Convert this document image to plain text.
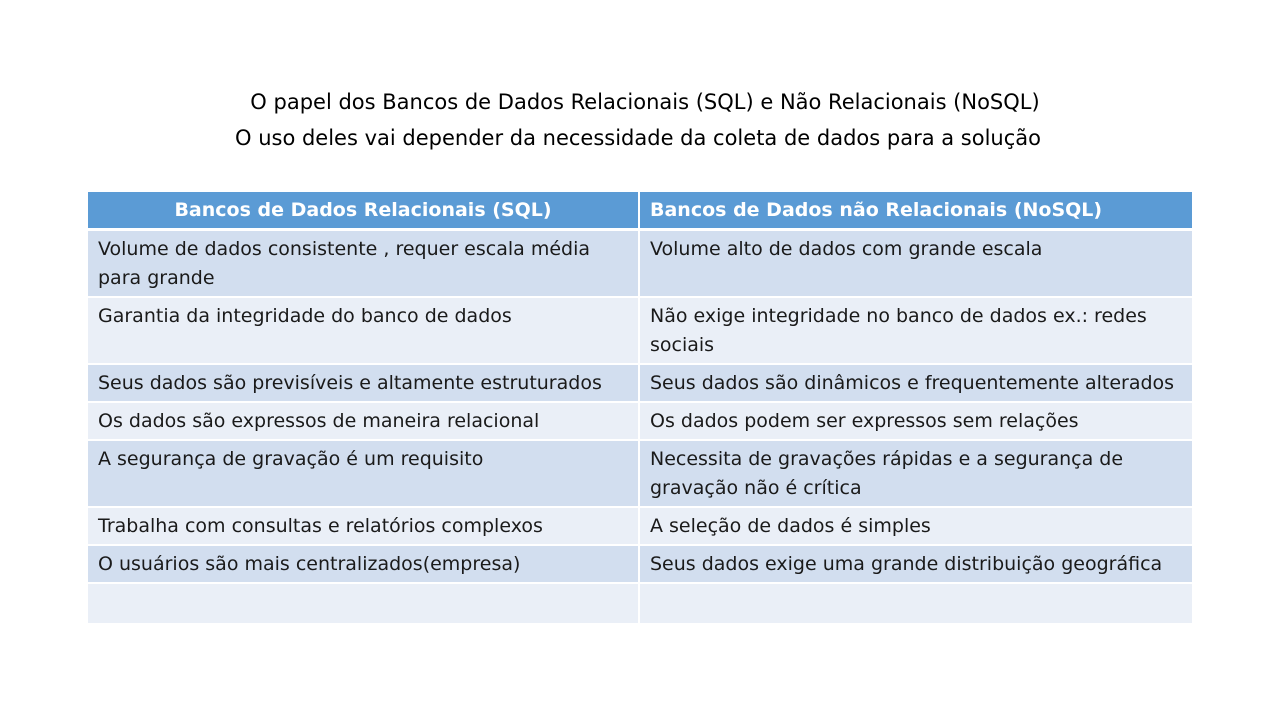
O papel dos Bancos de Dados Relacionais (SQL) e Não Relacionais (NoSQL)
O uso deles vai depender da necessidade da coleta de dados para a solução
Bancos de Dados Relacionais (SQL)	Bancos de Dados não Relacionais (NoSQL)
Volume de dados consistente , requer escala média para grande	Volume alto de dados com grande escala
Garantia da integridade do banco de dados	Não exige integridade no banco de dados ex.: redes sociais
Seus dados são previsíveis e altamente estruturados	Seus dados são dinâmicos e frequentemente alterados
Os dados são expressos de maneira relacional	Os dados podem ser expressos sem relações
A segurança de gravação é um requisito	Necessita de gravações rápidas e a segurança de gravação não é crítica
Trabalha com consultas e relatórios complexos	A seleção de dados é simples
O usuários são mais centralizados(empresa)	Seus dados exige uma grande distribuição geográfica
